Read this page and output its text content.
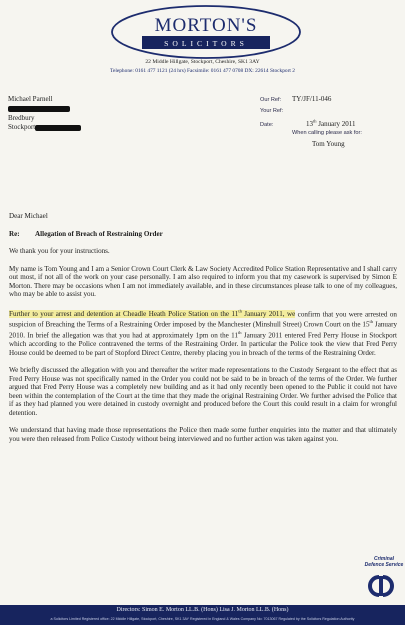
MORTON'S
SOLICITORS
22 Middle Hillgate, Stockport, Cheshire, SK1 3AY
Telephone: 0161 477 1121 (24 hrs) Facsimile: 0161 477 0708 DX: 22614 Stockport 2
Michael Parnell
Bredbury
Stockport
Our Ref: TY/JF/11-046
Your Ref:
Date:	13th January 2011
When calling please ask for:
Tom Young

Dear Michael

Re: Allegation of Breach of Restraining Order

We thank you for your instructions.

My name is Tom Young and I am a Senior Crown Court Clerk & Law Society Accredited Police Station Representative and I shall carry out most, if not all of the work on your case personally. I am also required to inform you that my casework is supervised by Simon E Morton. There may be occasions when I am not immediately available, and in these circumstances please talk to one of my colleagues, who may be able to assist you.

Further to your arrest and detention at Cheadle Heath Police Station on the 11th January 2011, we confirm that you were arrested on suspicion of Breaching the Terms of a Restraining Order imposed by the Manchester (Minshull Street) Crown Court on the 15th January 2010. In brief the allegation was that you had at approximately 1pm on the 11th January 2011 entered Fred Perry House in Stockport which according to the Police contravened the terms of the Restraining Order. In particular the Police took the view that Fred Perry House could be deemed to be part of Stopford Direct Centre, thereby placing you in breach of the terms of the Restraining Order.

We briefly discussed the allegation with you and thereafter the writer made representations to the Custody Sergeant to the effect that as Fred Perry House was not specifically named in the Order you could not be said to be in breach of the terms of the Order. We further argued that Fred Perry House was a completely new building and as it had only recently been opened to the Public it could not have been within the contemplation of the Court at the time that they made the original Restraining Order. We further advised the Police that if as they had planned you were detained in custody overnight and produced before the Court this could result in a claim for wrongful detention.

We understand that having made those representations the Police then made some further enquiries into the matter and that ultimately you were then released from Police Custody without being interviewed and no further action was taken against you.

Criminal
Defence Service
Directors: Simon E. Morton LL.B. (Hons) Lisa J. Morton LL.B. (Hons)
a Solicitors Limited Registered office: 22 Middle Hillgate, Stockport, Cheshire, SK1 3AY Registered in England & Wales Company No: 7013067 Regulated by the Solicitors Regulation Authority
